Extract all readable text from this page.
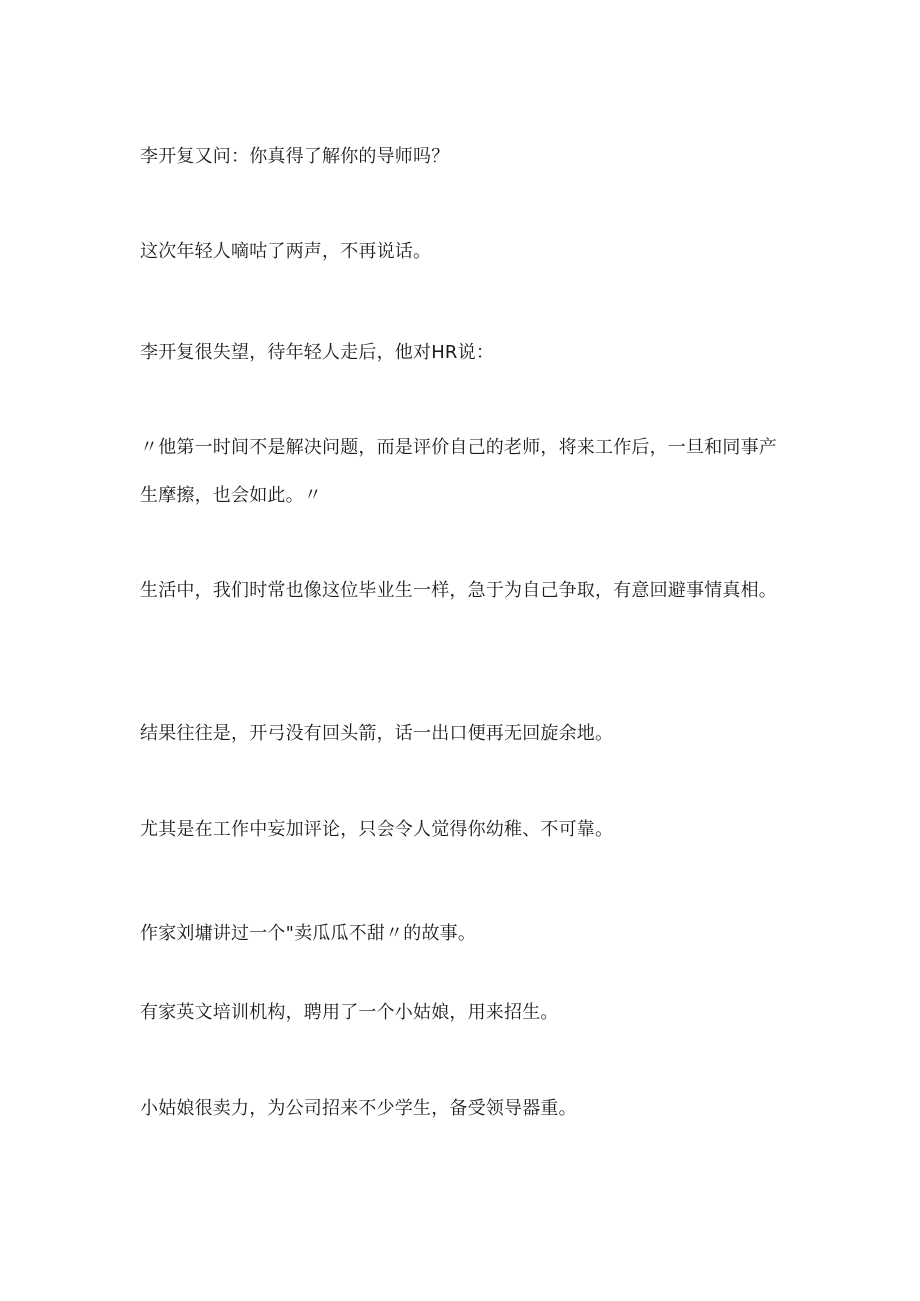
李开复又问：你真得了解你的导师吗？

这次年轻人嘀咕了两声，不再说话。

李开复很失望，待年轻人走后，他对HR说：

〃他第一时间不是解决问题，而是评价自己的老师，将来工作后，一旦和同事产生摩擦，也会如此。〃

生活中，我们时常也像这位毕业生一样，急于为自己争取，有意回避事情真相。

结果往往是，开弓没有回头箭，话一出口便再无回旋余地。

尤其是在工作中妄加评论，只会令人觉得你幼稚、不可靠。

作家刘墉讲过一个"卖瓜瓜不甜〃的故事。

有家英文培训机构，聘用了一个小姑娘，用来招生。

小姑娘很卖力，为公司招来不少学生，备受领导器重。
